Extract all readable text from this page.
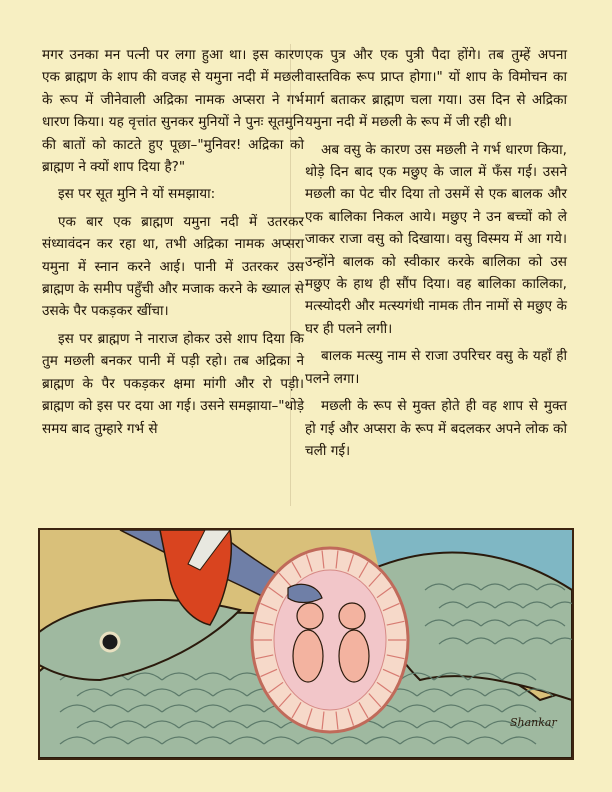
मगर उनका मन पत्नी पर लगा हुआ था। इस कारण एक ब्राह्मण के शाप की वजह से यमुना नदी में मछली के रूप में जीनेवाली अद्रिका नामक अप्सरा ने गर्भ धारण किया। यह वृत्तांत सुनकर मुनियों ने पुनः सूतमुनि की बातों को काटते हुए पूछा–"मुनिवर! अद्रिका को ब्राह्मण ने क्यों शाप दिया है?"

इस पर सूत मुनि ने यों समझाया:

एक बार एक ब्राह्मण यमुना नदी में उतरकर संध्यावंदन कर रहा था, तभी अद्रिका नामक अप्सरा यमुना में स्नान करने आई। पानी में उतरकर उस ब्राह्मण के समीप पहुँची और मजाक करने के ख्याल से उसके पैर पकड़कर खींचा।

इस पर ब्राह्मण ने नाराज होकर उसे शाप दिया कि तुम मछली बनकर पानी में पड़ी रहो। तब अद्रिका ने ब्राह्मण के पैर पकड़कर क्षमा मांगी और रो पड़ी। ब्राह्मण को इस पर दया आ गई। उसने समझाया–"थोड़े समय बाद तुम्हारे गर्भ से

एक पुत्र और एक पुत्री पैदा होंगे। तब तुम्हें अपना वास्तविक रूप प्राप्त होगा।" यों शाप के विमोचन का मार्ग बताकर ब्राह्मण चला गया। उस दिन से अद्रिका यमुना नदी में मछली के रूप में जी रही थी।

अब वसु के कारण उस मछली ने गर्भ धारण किया, थोड़े दिन बाद एक मछुए के जाल में फँस गई। उसने मछली का पेट चीर दिया तो उसमें से एक बालक और एक बालिका निकल आये। मछुए ने उन बच्चों को ले जाकर राजा वसु को दिखाया। वसु विस्मय में आ गये। उन्होंने बालक को स्वीकार करके बालिका को उस मछुए के हाथ ही सौंप दिया। वह बालिका कालिका, मत्स्योदरी और मत्स्यगंधी नामक तीन नामों से मछुए के घर ही पलने लगी।

बालक मत्स्यु नाम से राजा उपरिचर वसु के यहाँ ही पलने लगा।

मछली के रूप से मुक्त होते ही वह शाप से मुक्त हो गई और अप्सरा के रूप में बदलकर अपने लोक को चली गई।

Shankar
